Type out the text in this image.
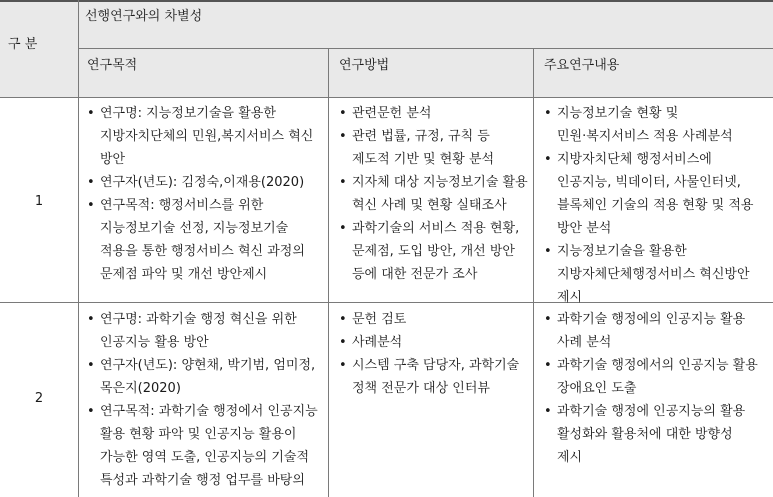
구 분
선행연구와의 차별성
연구목적	연구방법	주요연구내용
1
• 연구명: 지능정보기술을 활용한
지방자치단체의 민원,복지서비스 혁신
방안
• 연구자(년도): 김정숙,이재용(2020)
• 연구목적: 행정서비스를 위한
지능정보기술 선정, 지능정보기술
적용을 통한 행정서비스 혁신 과정의
문제점 파악 및 개선 방안제시
• 관련문헌 분석
• 관련 법률, 규정, 규칙 등
제도적 기반 및 현황 분석
• 지자체 대상 지능정보기술 활용
혁신 사례 및 현황 실태조사
• 과학기술의 서비스 적용 현황,
문제점, 도입 방안, 개선 방안
등에 대한 전문가 조사
• 지능정보기술 현황 및
민원·복지서비스 적용 사례분석
• 지방자치단체 행정서비스에
인공지능, 빅데이터, 사물인터넷,
블록체인 기술의 적용 현황 및 적용
방안 분석
• 지능정보기술을 활용한
지방자체단체행정서비스 혁신방안
제시
2
• 연구명: 과학기술 행정 혁신을 위한
인공지능 활용 방안
• 연구자(년도): 양현채, 박기범, 엄미정,
목은지(2020)
• 연구목적: 과학기술 행정에서 인공지능
활용 현황 파악 및 인공지능 활용이
가능한 영역 도출, 인공지능의 기술적
특성과 과학기술 행정 업무를 바탕의
• 문헌 검토
• 사례분석
• 시스템 구축 담당자, 과학기술
정책 전문가 대상 인터뷰
• 과학기술 행정에의 인공지능 활용
사례 분석
• 과학기술 행정에서의 인공지능 활용
장애요인 도출
• 과학기술 행정에 인공지능의 활용
활성화와 활용처에 대한 방향성
제시
